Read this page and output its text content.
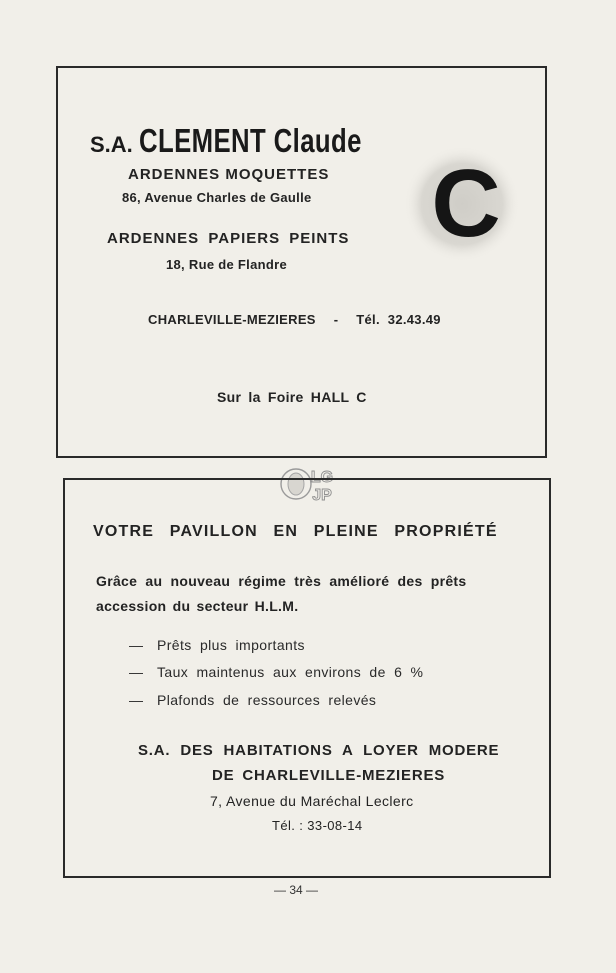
S.A. CLEMENT Claude
ARDENNES MOQUETTES
86, Avenue Charles de Gaulle
ARDENNES PAPIERS PEINTS
18, Rue de Flandre
CHARLEVILLE-MEZIERES - Tél. 32.43.49
Sur la Foire HALL C
C
LG
JP
VOTRE PAVILLON EN PLEINE PROPRIÉTÉ
Grâce au nouveau régime très amélioré des prêts
accession du secteur H.L.M.
— Prêts plus importants
— Taux maintenus aux environs de 6 %
— Plafonds de ressources relevés
S.A. DES HABITATIONS A LOYER MODERE
DE CHARLEVILLE-MEZIERES
7, Avenue du Maréchal Leclerc
Tél. : 33-08-14
— 34 —
